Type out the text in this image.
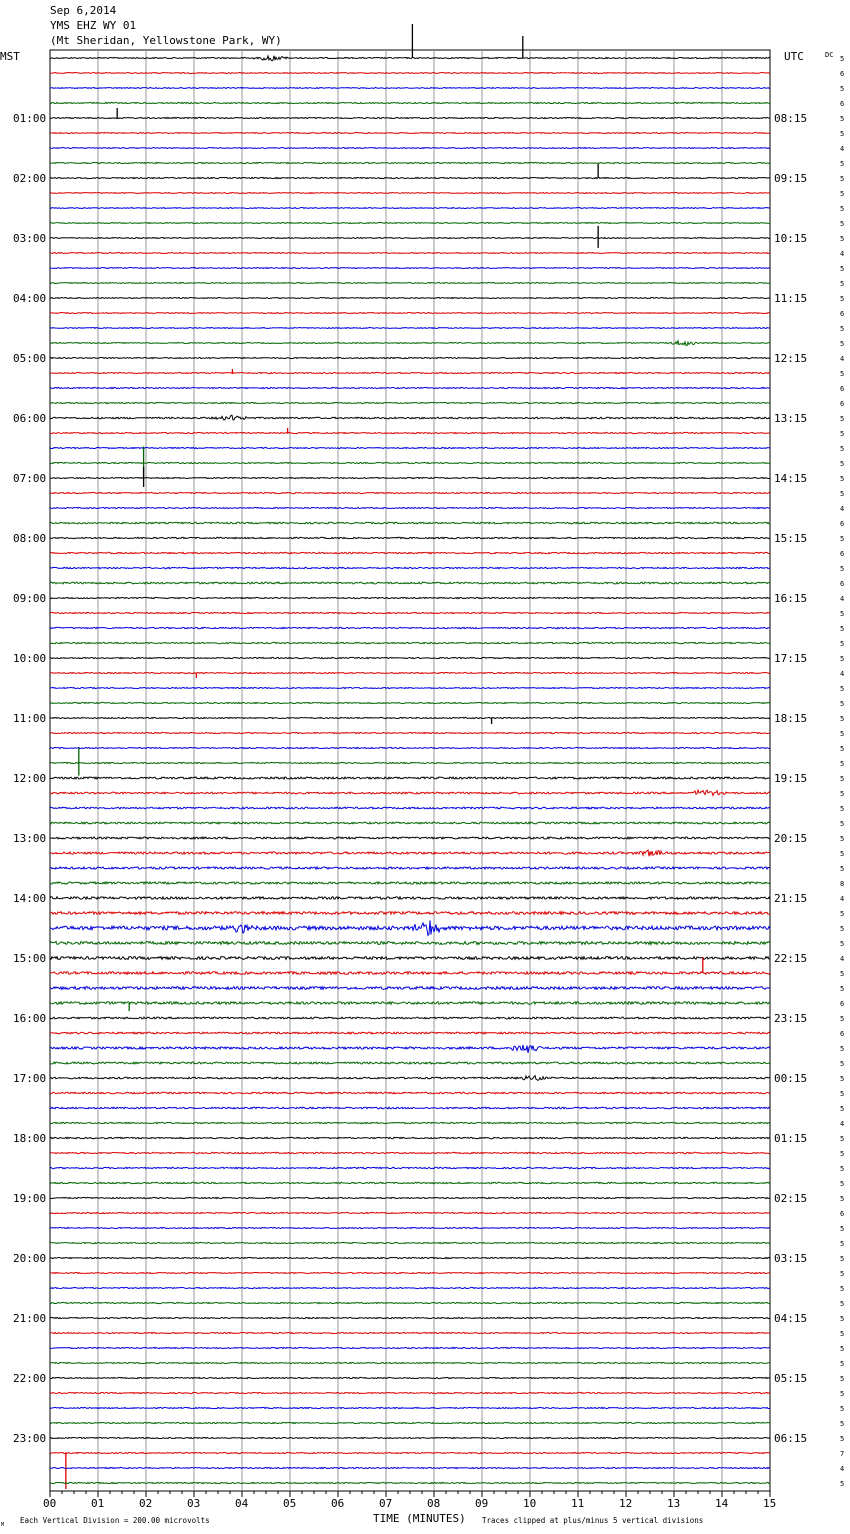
Sep 6,2014
YMS EHZ WY 01
(Mt Sheridan, Yellowstone Park, WY)
01:00
02:00
03:00
04:00
05:00
06:00
07:00
08:00
09:00
10:00
11:00
12:00
13:00
14:00
15:00
16:00
17:00
18:00
19:00
20:00
21:00
22:00
23:00
08:15
09:15
10:15
11:15
12:15
13:15
14:15
15:15
16:15
17:15
18:15
19:15
20:15
21:15
22:15
23:15
00:15
01:15
02:15
03:15
04:15
05:15
06:15
5
6
5
6
5
5
4
5
5
5
5
5
5
4
5
5
5
6
5
5
4
5
6
6
5
5
5
5
5
5
4
6
5
6
5
6
4
5
5
5
5
4
5
5
5
5
5
5
5
5
5
5
5
5
5
8
4
5
5
5
4
5
5
6
5
6
5
5
5
5
5
4
5
5
5
5
5
6
5
5
5
5
5
5
5
5
5
5
5
5
5
5
5
7
4
5
00	01	02	03	04	05	06	07	08	09	10	11	12	13	14	15
MST	UTC	DC
TIME (MINUTES)
Each Vertical Division = 200.00 microvolts	Traces clipped at plus/minus 5 vertical divisions
M
